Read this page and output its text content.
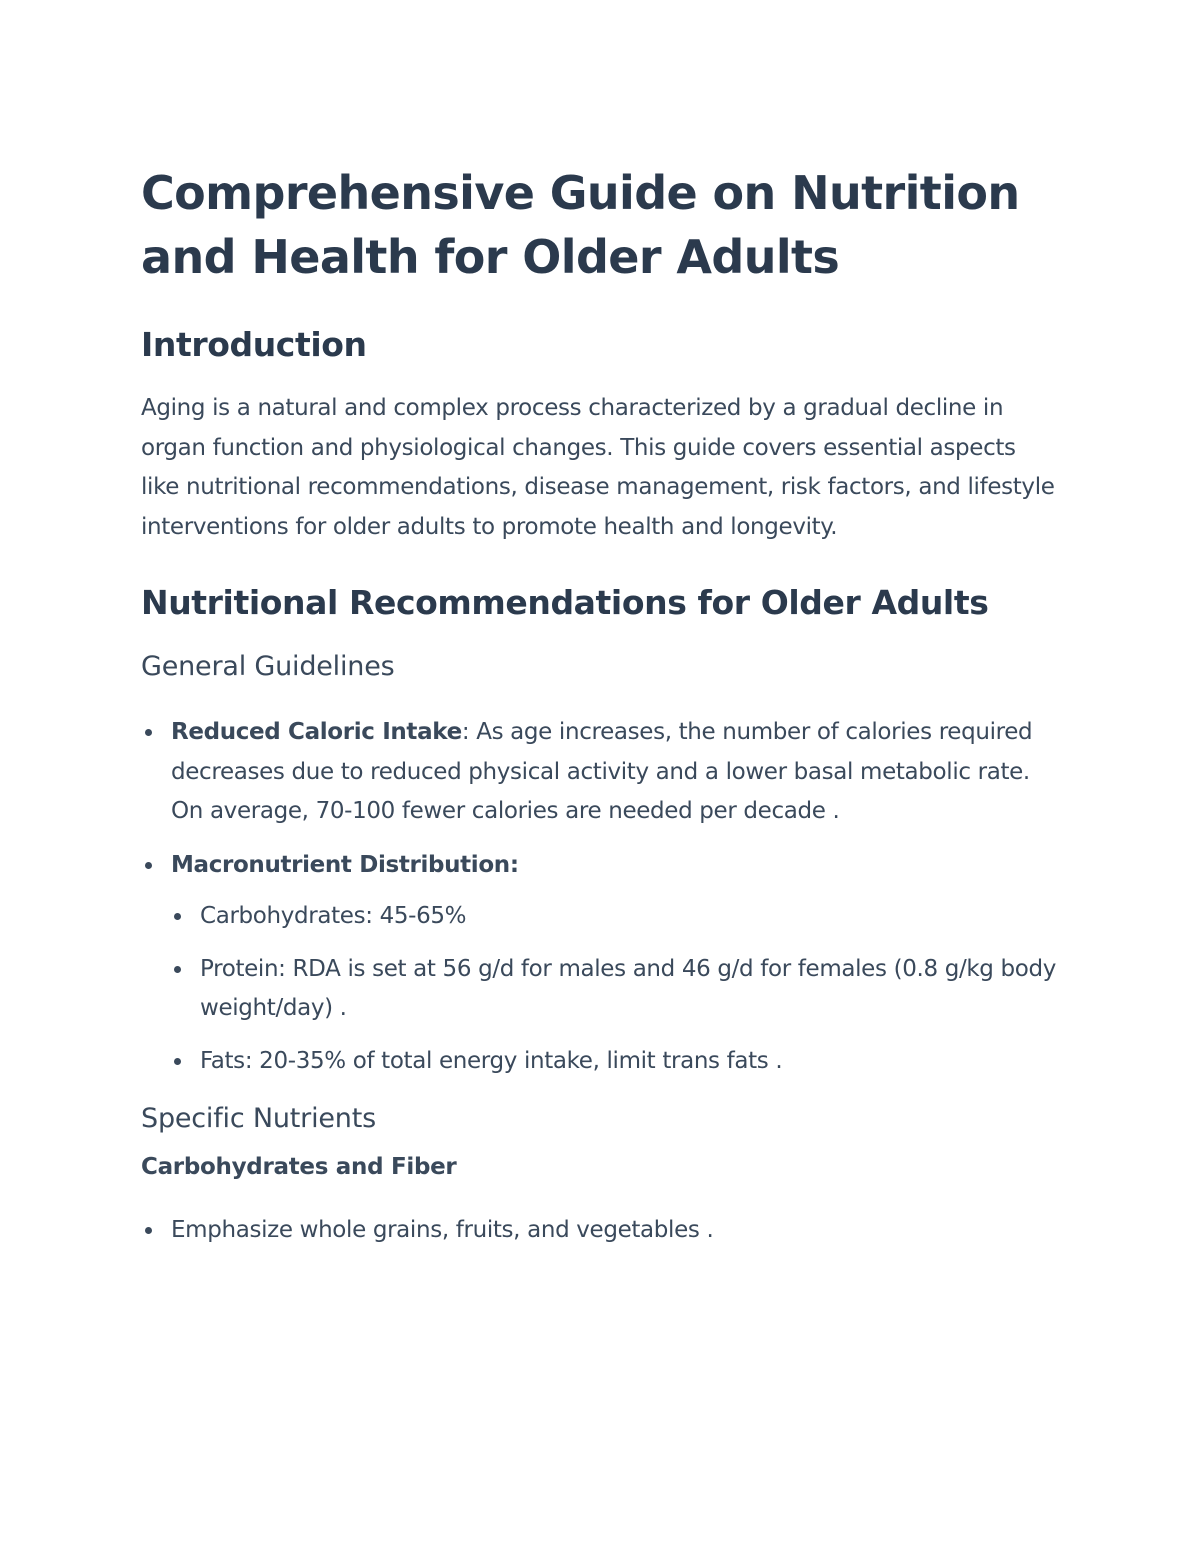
Comprehensive Guide on Nutrition and Health for Older Adults
Introduction

Aging is a natural and complex process characterized by a gradual decline in organ function and physiological changes. This guide covers essential aspects like nutritional recommendations, disease management, risk factors, and lifestyle interventions for older adults to promote health and longevity.

Nutritional Recommendations for Older Adults
General Guidelines
Reduced Caloric Intake: As age increases, the number of calories required decreases due to reduced physical activity and a lower basal metabolic rate. On average, 70-100 fewer calories are needed per decade .
Macronutrient Distribution:
Carbohydrates: 45-65%
Protein: RDA is set at 56 g/d for males and 46 g/d for females (0.8 g/kg body weight/day) .
Fats: 20-35% of total energy intake, limit trans fats .
Specific Nutrients
Carbohydrates and Fiber
Emphasize whole grains, fruits, and vegetables .
